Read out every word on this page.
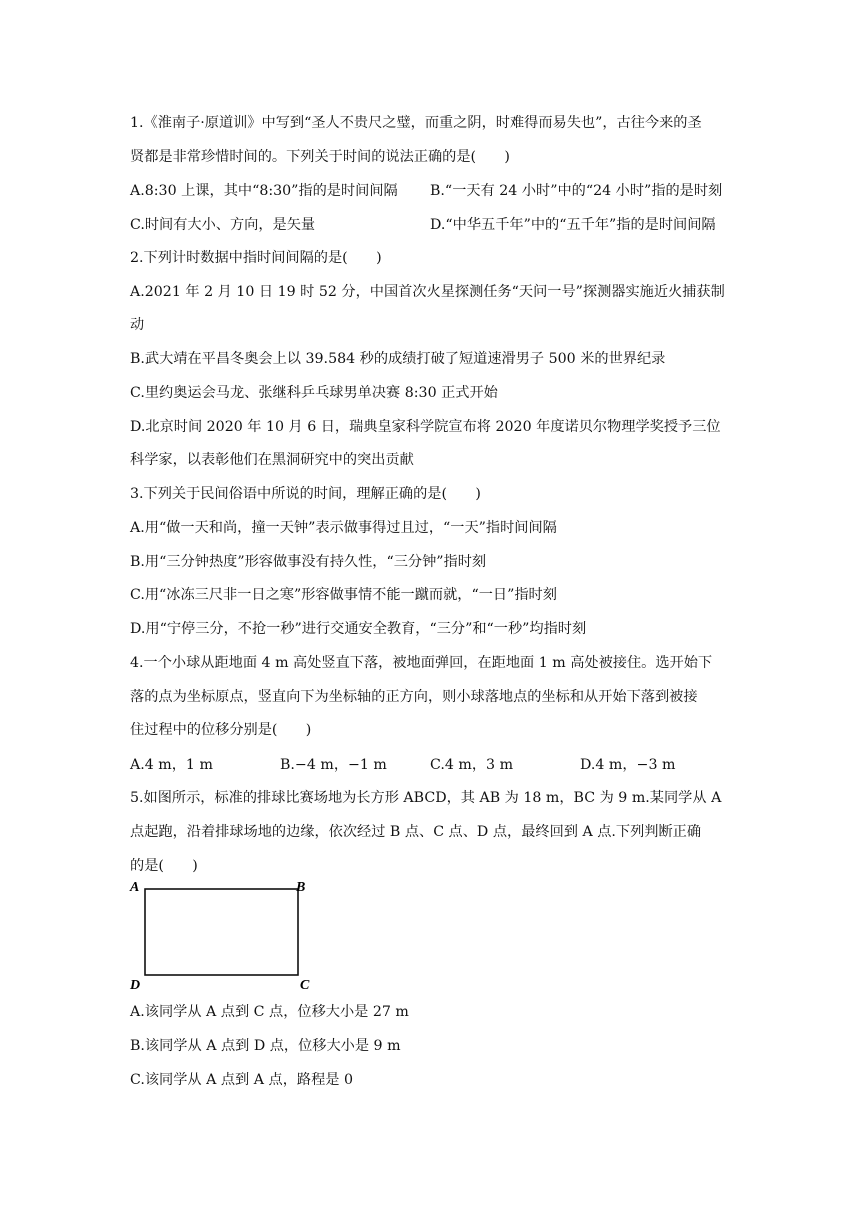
1.《淮南子·原道训》中写到“圣人不贵尺之璧，而重之阴，时难得而易失也”，古往今来的圣
贤都是非常珍惜时间的。下列关于时间的说法正确的是(　　)
A.8:30 上课，其中“8:30”指的是时间间隔 B.“一天有 24 小时”中的“24 小时”指的是时刻
C.时间有大小、方向，是矢量	D.“中华五千年”中的“五千年”指的是时间间隔
2.下列计时数据中指时间间隔的是(　　)
A.2021 年 2 月 10 日 19 时 52 分，中国首次火星探测任务“天问一号”探测器实施近火捕获制
动
B.武大靖在平昌冬奥会上以 39.584 秒的成绩打破了短道速滑男子 500 米的世界纪录
C.里约奥运会马龙、张继科乒乓球男单决赛 8:30 正式开始
D.北京时间 2020 年 10 月 6 日，瑞典皇家科学院宣布将 2020 年度诺贝尔物理学奖授予三位
科学家，以表彰他们在黑洞研究中的突出贡献
3.下列关于民间俗语中所说的时间，理解正确的是(　　)
A.用“做一天和尚，撞一天钟”表示做事得过且过，“一天”指时间间隔
B.用“三分钟热度”形容做事没有持久性，“三分钟”指时刻
C.用“冰冻三尺非一日之寒”形容做事情不能一蹴而就，“一日”指时刻
D.用“宁停三分，不抢一秒”进行交通安全教育，“三分”和“一秒”均指时刻
4.一个小球从距地面 4 m 高处竖直下落，被地面弹回，在距地面 1 m 高处被接住。选开始下
落的点为坐标原点，竖直向下为坐标轴的正方向，则小球落地点的坐标和从开始下落到被接
住过程中的位移分别是(　　)
A.4 m，1 m	B.−4 m，−1 m	C.4 m，3 m	D.4 m，−3 m
5.如图所示，标准的排球比赛场地为长方形 ABCD，其 AB 为 18 m，BC 为 9 m.某同学从 A
点起跑，沿着排球场地的边缘，依次经过 B 点、C 点、D 点，最终回到 A 点.下列判断正确
的是(　　)
A	B
C
D
A.该同学从 A 点到 C 点，位移大小是 27 m
B.该同学从 A 点到 D 点，位移大小是 9 m
C.该同学从 A 点到 A 点，路程是 0
